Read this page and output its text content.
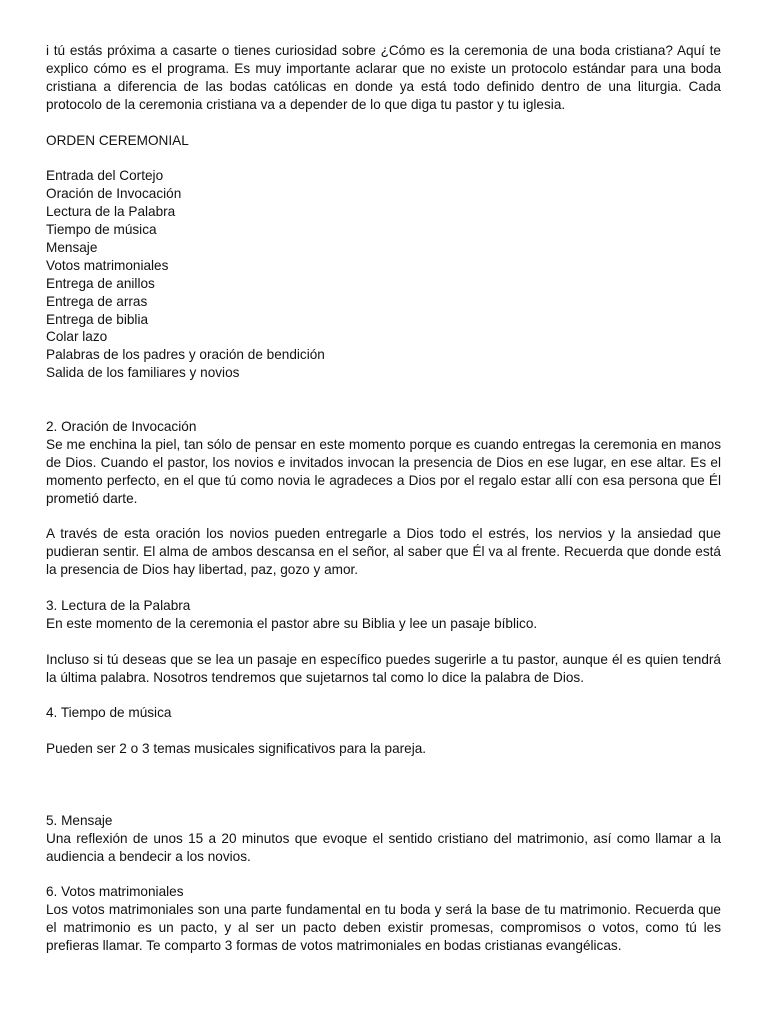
i tú estás próxima a casarte o tienes curiosidad sobre ¿Cómo es la ceremonia de una boda cristiana? Aquí te explico cómo es el programa. Es muy importante aclarar que no existe un protocolo estándar para una boda cristiana a diferencia de las bodas católicas en donde ya está todo definido dentro de una liturgia. Cada protocolo de la ceremonia cristiana va a depender de lo que diga tu pastor y tu iglesia.

ORDEN CEREMONIAL

Entrada del Cortejo

Oración de Invocación

Lectura de la Palabra

Tiempo de música

Mensaje

Votos matrimoniales

Entrega de anillos

Entrega de arras

Entrega de biblia

Colar lazo

Palabras de los padres y oración de bendición

Salida de los familiares y novios

2. Oración de Invocación

Se me enchina la piel, tan sólo de pensar en este momento porque es cuando entregas la ceremonia en manos de Dios. Cuando el pastor, los novios e invitados invocan la presencia de Dios en ese lugar, en ese altar. Es el momento perfecto, en el que tú como novia le agradeces a Dios por el regalo estar allí con esa persona que Él prometió darte.

A través de esta oración los novios pueden entregarle a Dios todo el estrés, los nervios y la ansiedad que pudieran sentir. El alma de ambos descansa en el señor, al saber que Él va al frente. Recuerda que donde está la presencia de Dios hay libertad, paz, gozo y amor.

3. Lectura de la Palabra

En este momento de la ceremonia el pastor abre su Biblia y lee un pasaje bíblico.

Incluso si tú deseas que se lea un pasaje en específico puedes sugerirle a tu pastor, aunque él es quien tendrá la última palabra. Nosotros tendremos que sujetarnos tal como lo dice la palabra de Dios.

4. Tiempo de música

Pueden ser 2 o 3 temas musicales significativos para la pareja.

5. Mensaje

Una reflexión de unos 15 a 20 minutos que evoque el sentido cristiano del matrimonio, así como llamar a la audiencia a bendecir a los novios.

6. Votos matrimoniales

Los votos matrimoniales son una parte fundamental en tu boda y será la base de tu matrimonio. Recuerda que el matrimonio es un pacto, y al ser un pacto deben existir promesas, compromisos o votos, como tú les prefieras llamar. Te comparto 3 formas de votos matrimoniales en bodas cristianas evangélicas.
